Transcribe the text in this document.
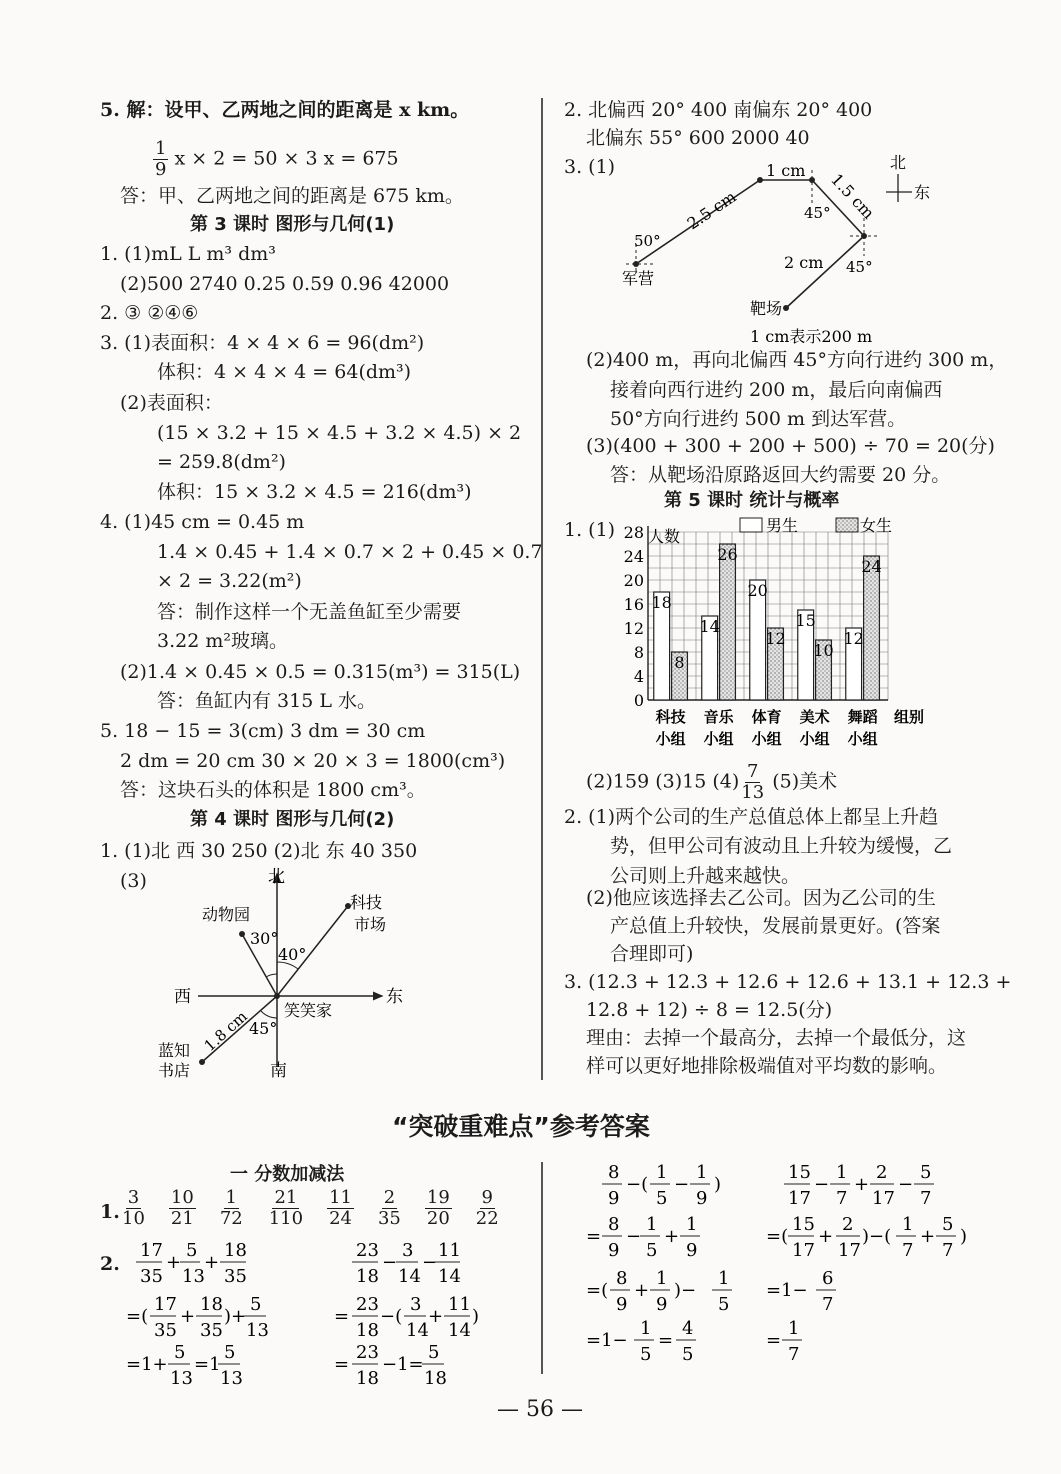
5. 解：设甲、乙两地之间的距离是 x km。
$\frac{1}{9}$ x × 2 = 50 × 3 x = 675
答：甲、乙两地之间的距离是 675 km。
第 3 课时 图形与几何(1)
1. (1)mL L m³ dm³
(2)500 2740 0.25 0.59 0.96 42000
2. ③ ②④⑥
3. (1)表面积：4 × 4 × 6 = 96(dm²)
体积：4 × 4 × 4 = 64(dm³)
(2)表面积：
(15 × 3.2 + 15 × 4.5 + 3.2 × 4.5) × 2
= 259.8(dm²)
体积：15 × 3.2 × 4.5 = 216(dm³)
4. (1)45 cm = 0.45 m
1.4 × 0.45 + 1.4 × 0.7 × 2 + 0.45 × 0.7
× 2 = 3.22(m²)
答：制作这样一个无盖鱼缸至少需要
3.22 m²玻璃。
(2)1.4 × 0.45 × 0.5 = 0.315(m³) = 315(L)
答：鱼缸内有 315 L 水。
5. 18 − 15 = 3(cm) 3 dm = 30 cm
2 dm = 20 cm 30 × 20 × 3 = 1800(cm³)
答：这块石头的体积是 1800 cm³。
第 4 课时 图形与几何(2)
1. (1)北 西 30 250 (2)北 东 40 350
(3)	北
南
西	东
动物园
科技
市场
30°
40°
45°
笑笑家
蓝知
书店
1.8 cm
2. 北偏西 20° 400 南偏东 20° 400
北偏东 55° 600 2000 40
3. (1)
2.5 cm
1 cm 1.5 cm
2 cm
50°
45°
45°
军营
靶场
1 cm表示200 m
北
东
(2)400 m，再向北偏西 45°方向行进约 300 m，
接着向西行进约 200 m，最后向南偏西
50°方向行进约 500 m 到达军营。
(3)(400 + 300 + 200 + 500) ÷ 70 = 20(分)
答：从靶场沿原路返回大约需要 20 分。
第 5 课时 统计与概率
1. (1)
0
4
8
12
16
20
24
28 人数
男生	女生
18
8
科技
小组
14
26
音乐
小组
20
12
体育
小组
15
10
美术
小组
12
24
舞蹈
小组
组别
(2)159 (3)15 $(4) \frac{7}{13} (5)$美术
2. (1)两个公司的生产总值总体上都呈上升趋
势，但甲公司有波动且上升较为缓慢，乙
公司则上升越来越快。
(2)他应该选择去乙公司。因为乙公司的生
产总值上升较快，发展前景更好。(答案
合理即可)
3. (12.3 + 12.3 + 12.6 + 12.6 + 13.1 + 12.3 +
12.8 + 12) ÷ 8 = 12.5(分)
理由：去掉一个最高分，去掉一个最低分，这
样可以更好地排除极端值对平均数的影响。
“突破重难点”参考答案
一 分数加减法
1. $\frac{3}{10} \frac{10}{21} \frac{1}{72} \frac{21}{110} \frac{11}{24} \frac{2}{35} \frac{19}{20} \frac{9}{22}$
2.
17
35
+
5
13
+
18
35
=(
17
35
+
18
35
)+
5
13
=1+
5
13
=1
5
13
23
18
−
3
14
−
11
14
=
23
18
−(
3
14
+
11
14
)
=
23
18
−1=
5
18
8
9
−(
1
5
−
1
9
)
=
8
9
−
1
5
+
1
9
=(
8
9
+
1
9
)−
1
5
=1−
1
5
=
4
5
15
17
−
1
7
+
2
17
−
5
7
=(
15
17
+
2
17
)−(
1
7
+
5
7
)
=1−
6
7
=
1
7
— 56 —
